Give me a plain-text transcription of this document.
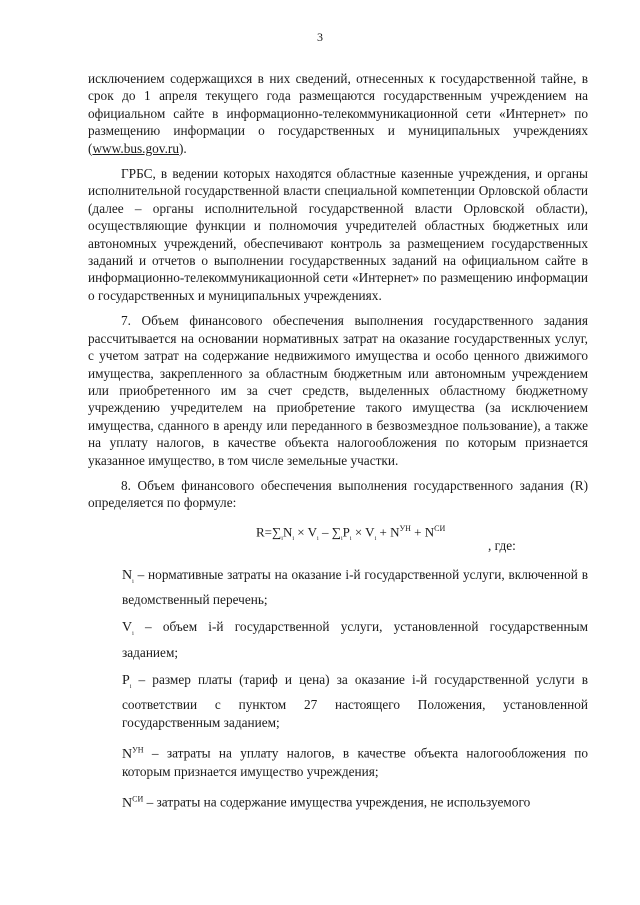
3

исключением содержащихся в них сведений, отнесенных к государственной тайне, в срок до 1 апреля текущего года размещаются государственным учреждением на официальном сайте в информационно-телекоммуникационной сети «Интернет» по размещению информации о государственных и муниципальных учреждениях (www.bus.gov.ru).

ГРБС, в ведении которых находятся областные казенные учреждения, и органы исполнительной государственной власти специальной компетенции Орловской области (далее – органы исполнительной государственной власти Орловской области), осуществляющие функции и полномочия учредителей областных бюджетных или автономных учреждений, обеспечивают контроль за размещением государственных заданий и отчетов о выполнении государственных заданий на официальном сайте в информационно-телекоммуникационной сети «Интернет» по размещению информации о государственных и муниципальных учреждениях.

7. Объем финансового обеспечения выполнения государственного задания рассчитывается на основании нормативных затрат на оказание государственных услуг, с учетом затрат на содержание недвижимого имущества и особо ценного движимого имущества, закрепленного за областным бюджетным или автономным учреждением или приобретенного им за счет средств, выделенных областному бюджетному учреждению учредителем на приобретение такого имущества (за исключением имущества, сданного в аренду или переданного в безвозмездное пользование), а также на уплату налогов, в качестве объекта налогообложения по которым признается указанное имущество, в том числе земельные участки.

8. Объем финансового обеспечения выполнения государственного задания (R) определяется по формуле:

$R=\sum_iN_i \times V_i - \sum_iP_i \times V_i + N^{УН} + N^{СИ}$
, где:

$N_i$ – нормативные затраты на оказание i-й государственной услуги, включенной в ведомственный перечень;

$V_i$ – объем i-й государственной услуги, установленной государственным заданием;

$P_i$ – размер платы (тариф и цена) за оказание i-й государственной услуги в соответствии с пунктом 27 настоящего Положения, установленной государственным заданием;

$N^{УН}$ – затраты на уплату налогов, в качестве объекта налогообложения по которым признается имущество учреждения;

$N^{СИ}$ – затраты на содержание имущества учреждения, не используемого
